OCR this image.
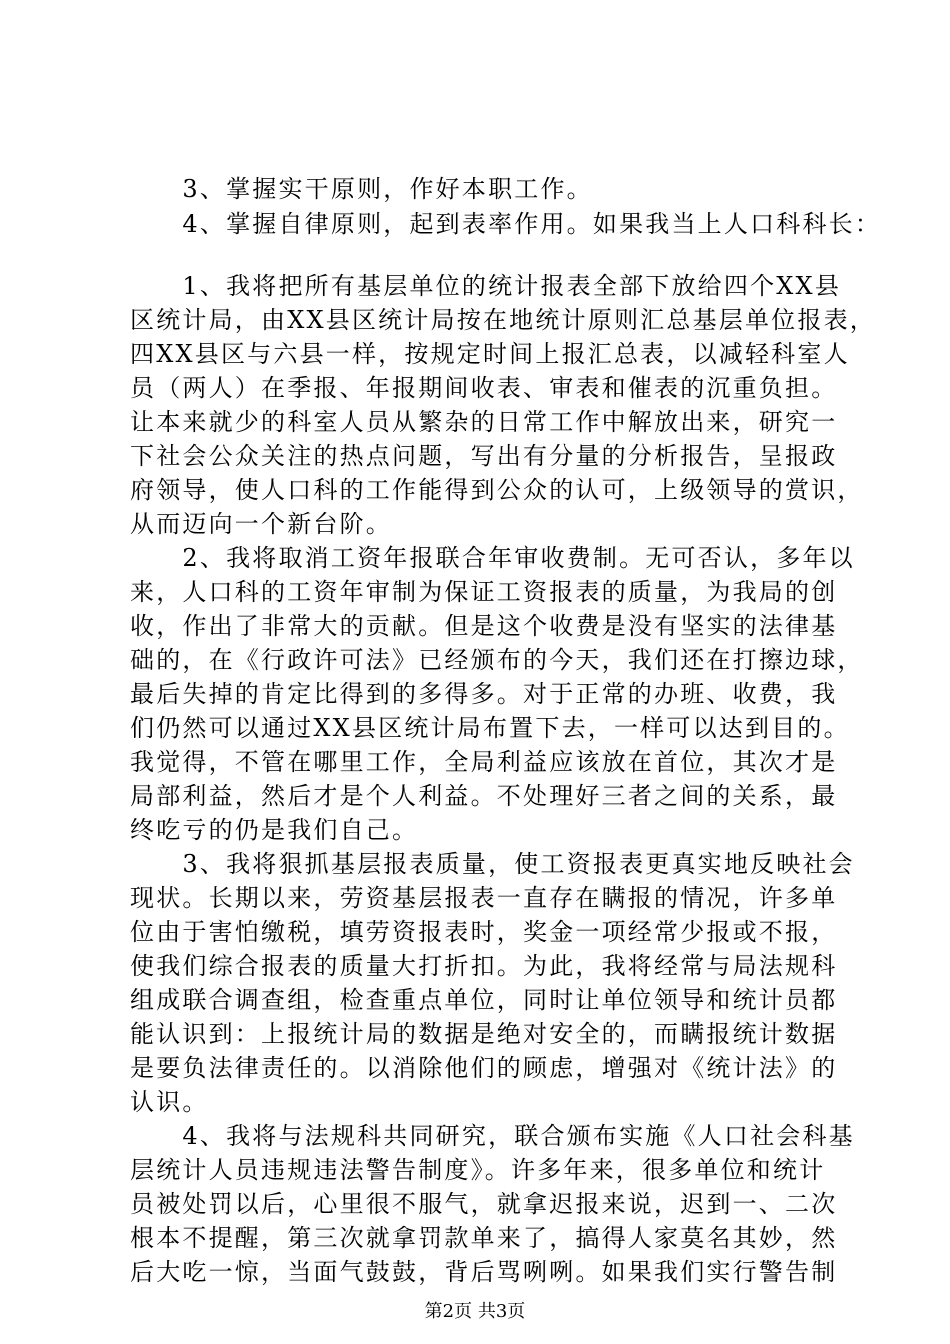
　　3、掌握实干原则，作好本职工作。
　　4、掌握自律原则，起到表率作用。如果我当上人口科科长：
　　1、我将把所有基层单位的统计报表全部下放给四个XX县
区统计局，由XX县区统计局按在地统计原则汇总基层单位报表，
四XX县区与六县一样，按规定时间上报汇总表，以减轻科室人
员（两人）在季报、年报期间收表、审表和催表的沉重负担。
让本来就少的科室人员从繁杂的日常工作中解放出来，研究一
下社会公众关注的热点问题，写出有分量的分析报告，呈报政
府领导，使人口科的工作能得到公众的认可，上级领导的赏识，
从而迈向一个新台阶。
　　2、我将取消工资年报联合年审收费制。无可否认，多年以
来，人口科的工资年审制为保证工资报表的质量，为我局的创
收，作出了非常大的贡献。但是这个收费是没有坚实的法律基
础的，在《行政许可法》已经颁布的今天，我们还在打擦边球，
最后失掉的肯定比得到的多得多。对于正常的办班、收费，我
们仍然可以通过XX县区统计局布置下去，一样可以达到目的。
我觉得，不管在哪里工作，全局利益应该放在首位，其次才是
局部利益，然后才是个人利益。不处理好三者之间的关系，最
终吃亏的仍是我们自己。
　　3、我将狠抓基层报表质量，使工资报表更真实地反映社会
现状。长期以来，劳资基层报表一直存在瞒报的情况，许多单
位由于害怕缴税，填劳资报表时，奖金一项经常少报或不报，
使我们综合报表的质量大打折扣。为此，我将经常与局法规科
组成联合调查组，检查重点单位，同时让单位领导和统计员都
能认识到：上报统计局的数据是绝对安全的，而瞒报统计数据
是要负法律责任的。以消除他们的顾虑，增强对《统计法》的
认识。
　　4、我将与法规科共同研究，联合颁布实施《人口社会科基
层统计人员违规违法警告制度》。许多年来，很多单位和统计
员被处罚以后，心里很不服气，就拿迟报来说，迟到一、二次
根本不提醒，第三次就拿罚款单来了，搞得人家莫名其妙，然
后大吃一惊，当面气鼓鼓，背后骂咧咧。如果我们实行警告制
第2页 共3页
